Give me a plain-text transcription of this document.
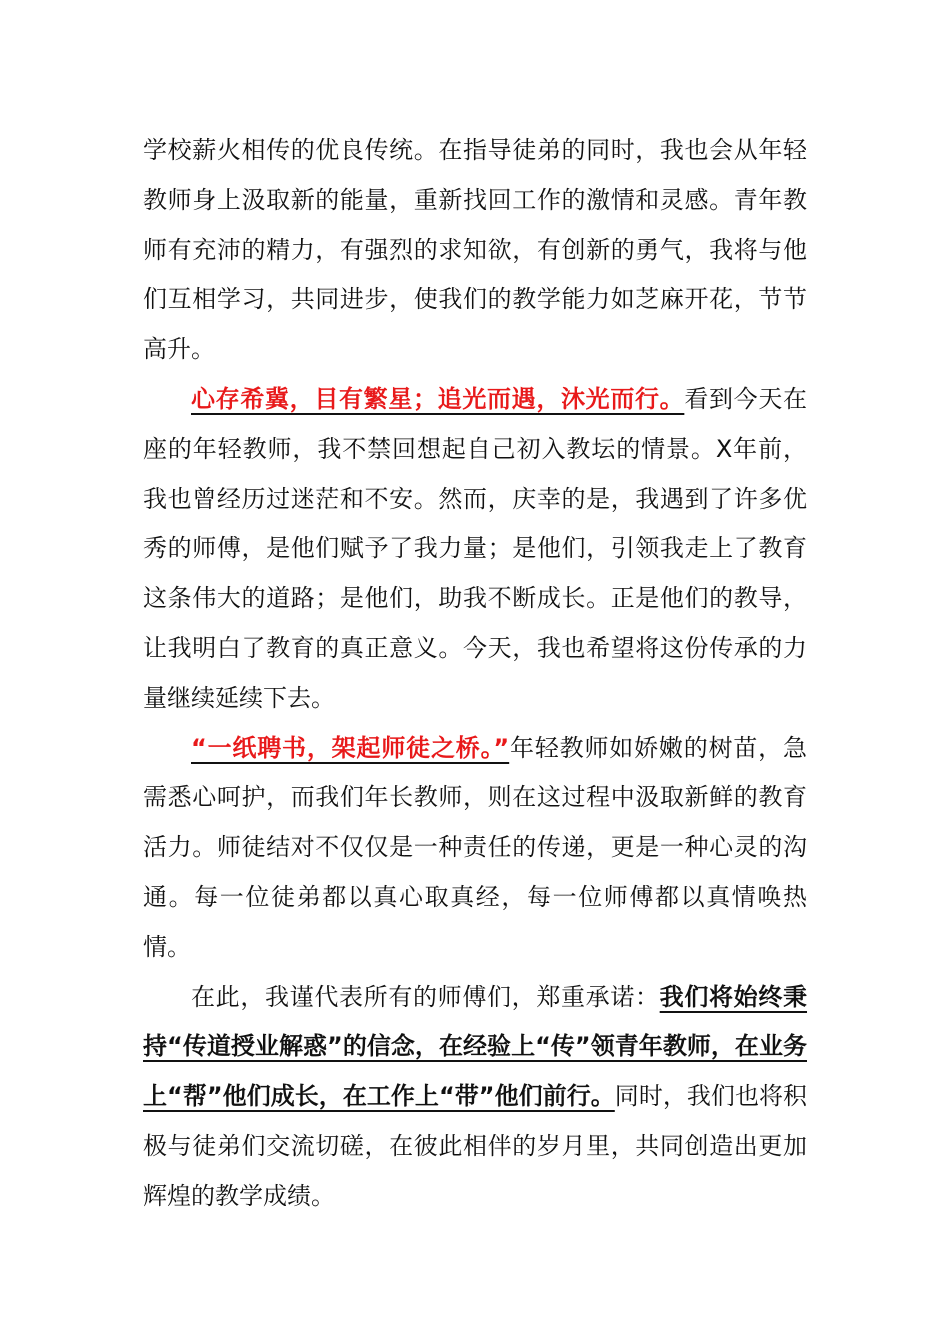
学校薪火相传的优良传统。在指导徒弟的同时，我也会从年轻教师身上汲取新的能量，重新找回工作的激情和灵感。青年教师有充沛的精力，有强烈的求知欲，有创新的勇气，我将与他们互相学习，共同进步，使我们的教学能力如芝麻开花，节节高升。

心存希冀，目有繁星；追光而遇，沐光而行。看到今天在座的年轻教师，我不禁回想起自己初入教坛的情景。X年前，我也曾经历过迷茫和不安。然而，庆幸的是，我遇到了许多优秀的师傅，是他们赋予了我力量；是他们，引领我走上了教育这条伟大的道路；是他们，助我不断成长。正是他们的教导，让我明白了教育的真正意义。今天，我也希望将这份传承的力量继续延续下去。

“一纸聘书，架起师徒之桥。”年轻教师如娇嫩的树苗，急需悉心呵护，而我们年长教师，则在这过程中汲取新鲜的教育活力。师徒结对不仅仅是一种责任的传递，更是一种心灵的沟通。每一位徒弟都以真心取真经，每一位师傅都以真情唤热情。

在此，我谨代表所有的师傅们，郑重承诺：我们将始终秉持“传道授业解惑”的信念，在经验上“传”领青年教师，在业务上“帮”他们成长，在工作上“带”他们前行。同时，我们也将积极与徒弟们交流切磋，在彼此相伴的岁月里，共同创造出更加辉煌的教学成绩。
